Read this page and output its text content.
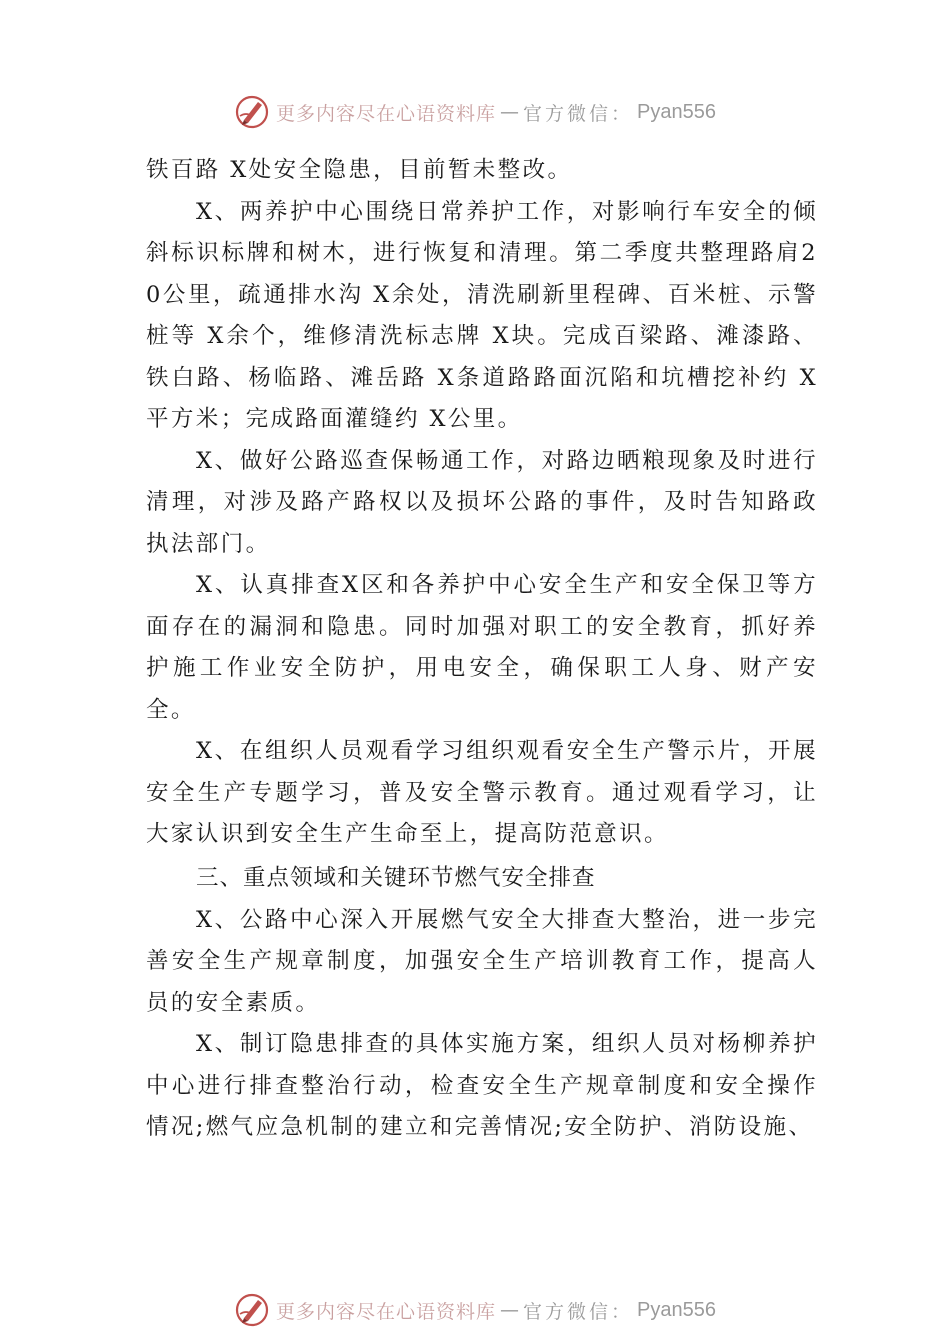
更多内容尽在心语资料库 — 官方微信： Pyan556

铁百路 X处安全隐患，目前暂未整改。

X、两养护中心围绕日常养护工作，对影响行车安全的倾斜标识标牌和树木，进行恢复和清理。第二季度共整理路肩20公里，疏通排水沟 X余处，清洗刷新里程碑、百米桩、示警桩等 X余个，维修清洗标志牌 X块。完成百梁路、滩漆路、铁白路、杨临路、滩岳路 X条道路路面沉陷和坑槽挖补约 X平方米；完成路面灌缝约 X公里。

X、做好公路巡查保畅通工作，对路边晒粮现象及时进行清理，对涉及路产路权以及损坏公路的事件，及时告知路政执法部门。

X、认真排查X区和各养护中心安全生产和安全保卫等方面存在的漏洞和隐患。同时加强对职工的安全教育，抓好养护施工作业安全防护，用电安全，确保职工人身、财产安全。

X、在组织人员观看学习组织观看安全生产警示片，开展安全生产专题学习，普及安全警示教育。通过观看学习，让大家认识到安全生产生命至上，提高防范意识。

三、重点领域和关键环节燃气安全排查

X、公路中心深入开展燃气安全大排查大整治，进一步完善安全生产规章制度，加强安全生产培训教育工作，提高人员的安全素质。

X、制订隐患排查的具体实施方案，组织人员对杨柳养护中心进行排查整治行动，检查安全生产规章制度和安全操作情况;燃气应急机制的建立和完善情况;安全防护、消防设施、

更多内容尽在心语资料库 — 官方微信： Pyan556
